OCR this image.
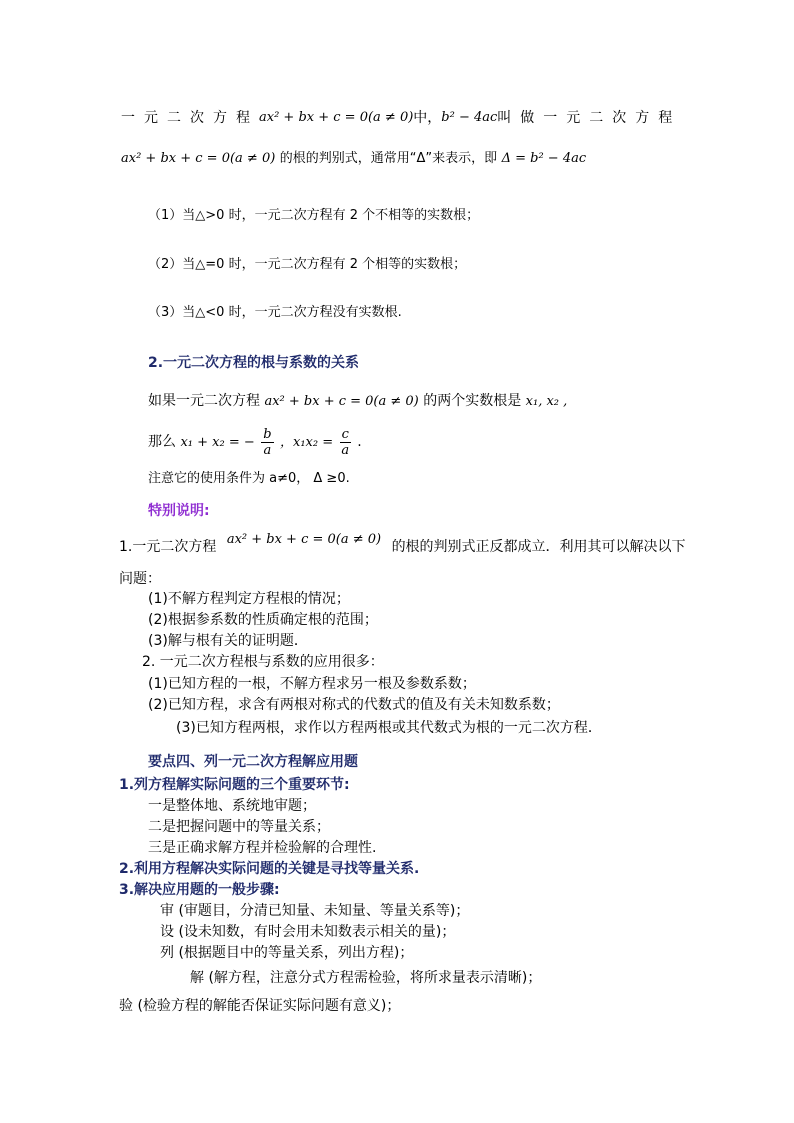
一元二次方程 ax² + bx + c = 0(a ≠ 0) 中， b² − 4ac 叫做一元二次方程
ax² + bx + c = 0(a ≠ 0) 的根的判别式，通常用“Δ”来表示，即 Δ = b² − 4ac
（1）当△>0 时，一元二次方程有 2 个不相等的实数根；
（2）当△=0 时，一元二次方程有 2 个相等的实数根；
（3）当△<0 时，一元二次方程没有实数根.
2.一元二次方程的根与系数的关系
如果一元二次方程 ax² + bx + c = 0(a ≠ 0) 的两个实数根是 x₁, x₂ ,
那么 x₁ + x₂ = − $\frac{b}{a}$ ，$x_1x_2 = \frac{c}{a}$ .
注意它的使用条件为 a≠0， Δ ≥0.
特别说明:
1.一元二次方程 ax² + bx + c = 0(a ≠ 0) 的根的判别式正反都成立．利用其可以解决以下
问题：
(1)不解方程判定方程根的情况；
(2)根据参系数的性质确定根的范围；
(3)解与根有关的证明题．
2. 一元二次方程根与系数的应用很多：
(1)已知方程的一根，不解方程求另一根及参数系数；
(2)已知方程，求含有两根对称式的代数式的值及有关未知数系数；
(3)已知方程两根，求作以方程两根或其代数式为根的一元二次方程．
要点四、列一元二次方程解应用题
1.列方程解实际问题的三个重要环节:
一是整体地、系统地审题；
二是把握问题中的等量关系；
三是正确求解方程并检验解的合理性.
2.利用方程解决实际问题的关键是寻找等量关系.
3.解决应用题的一般步骤:
审 (审题目，分清已知量、未知量、等量关系等)；
设 (设未知数，有时会用未知数表示相关的量)；
列 (根据题目中的等量关系，列出方程)；
解 (解方程，注意分式方程需检验，将所求量表示清晰)；
验 (检验方程的解能否保证实际问题有意义)；
